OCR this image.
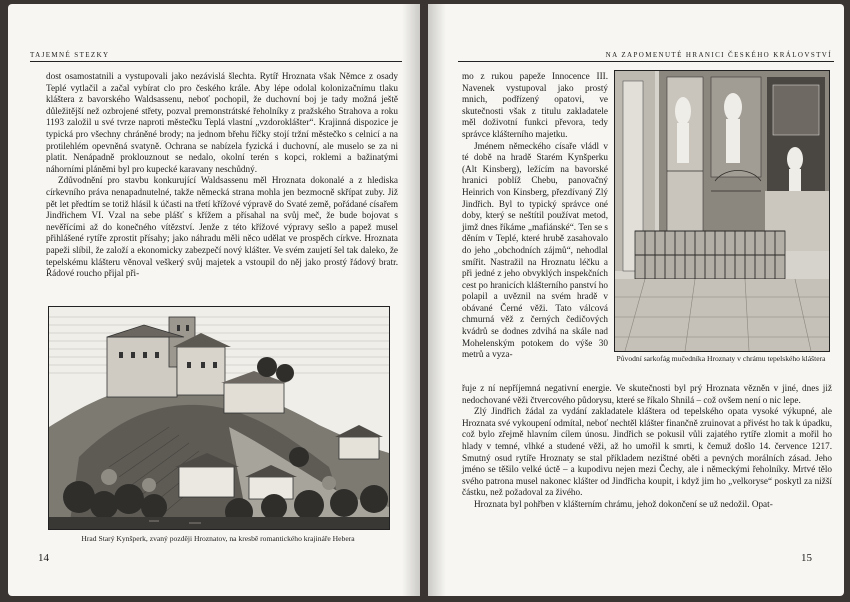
TAJEMNÉ STEZKY

dost osamostatnili a vystupovali jako nezávislá šlechta. Rytíř Hroznata však Němce z osady Teplé vytlačil a začal vybírat clo pro českého krále. Aby lépe odolal kolonizačnímu tlaku kláštera z bavorského Waldsassenu, neboť pochopil, že duchovní boj je tady možná ještě důležitější než ozbrojené střety, pozval premonstrátské řeholníky z pražského Strahova a roku 1193 založil u své tvrze naproti městečku Teplá vlastní „vzdoroklášter“. Krajinná dispozice je typická pro všechny chráněné brody; na jednom břehu říčky stojí tržní městečko s celnicí a na protilehlém opevněná svatyně. Ochrana se nabízela fyzická i duchovní, ale muselo se za ni platit. Nenápadně proklouznout se nedalo, okolní terén s kopci, roklemi a bažinatými náhorními pláněmi byl pro kupecké karavany neschůdný.

Zdůvodnění pro stavbu konkurující Waldsassenu měl Hroznata dokonalé a z hlediska církevního práva nenapadnutelné, takže německá strana mohla jen bezmocně skřípat zuby. Již pět let předtím se totiž hlásil k účasti na třetí křížové výpravě do Svaté země, pořádané císařem Jindřichem VI. Vzal na sebe plášť s křížem a přísahal na svůj meč, že bude bojovat s nevěřícími až do konečného vítězství. Jenže z této křížové výpravy sešlo a papež musel přihlášené rytíře zprostit přísahy; jako náhradu měli něco udělat ve prospěch církve. Hroznata papeži slíbil, že založí a ekonomicky zabezpečí nový klášter. Ve svém zaujetí šel tak daleko, že tepelskému klášteru věnoval veškerý svůj majetek a vstoupil do něj jako prostý řádový bratr. Řádové roucho přijal při-

Hrad Starý Kynšperk, zvaný později Hroznatov, na kresbě romantického krajináře Hebera
14
NA ZAPOMENUTÉ HRANICI ČESKÉHO KRÁLOVSTVÍ

mo z rukou papeže Innocence III. Navenek vystupoval jako prostý mnich, podřízený opatovi, ve skutečnosti však z titulu zakladatele měl doživotní funkci převora, tedy správce klášterního majetku.

Jménem německého císaře vládl v té době na hradě Starém Kynšperku (Alt Kinsberg), ležícím na bavorské hranici poblíž Chebu, panovačný Heinrich von Kinsberg, přezdívaný Zlý Jindřich. Byl to typický správce oné doby, který se neštítil používat metod, jimž dnes říkáme „mafiánské“. Ten se s děním v Teplé, které hrubě zasahovalo do jeho „obchodních zájmů“, nehodlal smířit. Nastražil na Hroznatu léčku a při jedné z jeho obvyklých inspekčních cest po hranicích klášterního panství ho polapil a uvěznil na svém hradě v obávané Černé věži. Tato válcová chmurná věž z černých čedičových kvádrů se dodnes zdvihá na skále nad Mohelenským potokem do výše 30 metrů a vyza-	Původní sarkofág mučedníka Hroznaty v chrámu tepelského kláštera

řuje z ní nepříjemná negativní energie. Ve skutečnosti byl prý Hroznata vězněn v jiné, dnes již nedochované věži čtvercového půdorysu, které se říkalo Shnilá – což ovšem není o nic lepe.

Zlý Jindřich žádal za vydání zakladatele kláštera od tepelského opata vysoké výkupné, ale Hroznata své vykoupení odmítal, neboť nechtěl klášter finančně zruinovat a přivést ho tak k úpadku, což bylo zřejmě hlavním cílem únosu. Jindřich se pokusil vůli zajatého rytíře zlomit a mořil ho hlady v temné, vlhké a studené věži, až ho umořil k smrti, k čemuž došlo 14. července 1217. Smutný osud rytíře Hroznaty se stal příkladem nezištné oběti a pevných morálních zásad. Jeho jméno se těšilo velké úctě – a kupodivu nejen mezi Čechy, ale i německými řeholníky. Mrtvé tělo svého patrona musel nakonec klášter od Jindřicha koupit, i když jim ho „velkoryse“ poskytl za nižší částku, než požadoval za živého.

Hroznata byl pohřben v klášterním chrámu, jehož dokončení se už nedožil. Opat-

15
